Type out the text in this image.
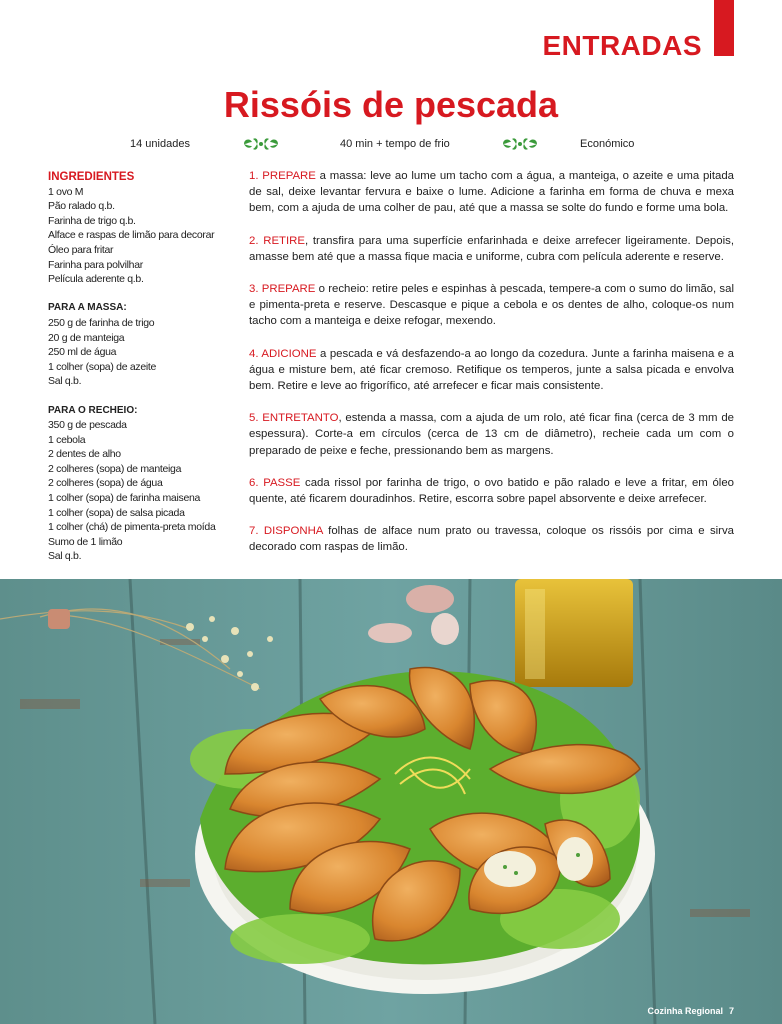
ENTRADAS
Rissóis de pescada
14 unidades	40 min + tempo de frio	Económico
INGREDIENTES
1 ovo M
Pão ralado q.b.
Farinha de trigo q.b.
Alface e raspas de limão para decorar
Óleo para fritar
Farinha para polvilhar
Película aderente q.b.
PARA A MASSA:
250 g de farinha de trigo
20 g de manteiga
250 ml de água
1 colher (sopa) de azeite
Sal q.b.
PARA O RECHEIO:
350 g de pescada
1 cebola
2 dentes de alho
2 colheres (sopa) de manteiga
2 colheres (sopa) de água
1 colher (sopa) de farinha maisena
1 colher (sopa) de salsa picada
1 colher (chá) de pimenta-preta moída
Sumo de 1 limão
Sal q.b.

1. PREPARE a massa: leve ao lume um tacho com a água, a manteiga, o azeite e uma pitada de sal, deixe levantar fervura e baixe o lume. Adicione a farinha em forma de chuva e mexa bem, com a ajuda de uma colher de pau, até que a massa se solte do fundo e forme uma bola.

2. RETIRE, transfira para uma superfície enfarinhada e deixe arrefecer ligeiramente. Depois, amasse bem até que a massa fique macia e uniforme, cubra com película aderente e reserve.

3. PREPARE o recheio: retire peles e espinhas à pescada, tempere-a com o sumo do limão, sal e pimenta-preta e reserve. Descasque e pique a cebola e os dentes de alho, coloque-os num tacho com a manteiga e deixe refogar, mexendo.

4. ADICIONE a pescada e vá desfazendo-a ao longo da cozedura. Junte a farinha maisena e a água e misture bem, até ficar cremoso. Retifique os temperos, junte a salsa picada e envolva bem. Retire e leve ao frigorífico, até arrefecer e ficar mais consistente.

5. ENTRETANTO, estenda a massa, com a ajuda de um rolo, até ficar fina (cerca de 3 mm de espessura). Corte-a em círculos (cerca de 13 cm de diâmetro), recheie cada um com o preparado de peixe e feche, pressionando bem as margens.

6. PASSE cada rissol por farinha de trigo, o ovo batido e pão ralado e leve a fritar, em óleo quente, até ficarem douradinhos. Retire, escorra sobre papel absorvente e deixe arrefecer.

7. DISPONHA folhas de alface num prato ou travessa, coloque os rissóis por cima e sirva decorado com raspas de limão.

Cozinha Regional 7
